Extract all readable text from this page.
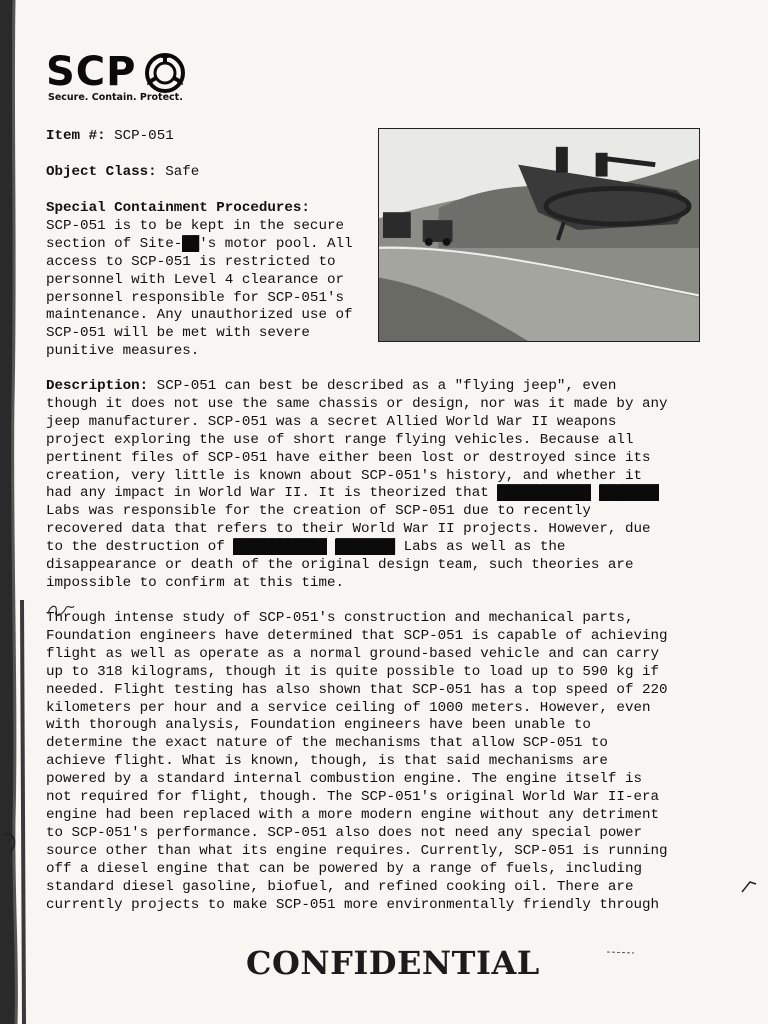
SCP
Secure. Contain. Protect.
Item #: SCP-051
Object Class: Safe
Special Containment Procedures:
SCP-051 is to be kept in the secure
section of Site-██'s motor pool. All
access to SCP-051 is restricted to
personnel with Level 4 clearance or
personnel responsible for SCP-051's
maintenance. Any unauthorized use of
SCP-051 will be met with severe
punitive measures.
Description: SCP-051 can best be described as a "flying jeep", even
though it does not use the same chassis or design, nor was it made by any
jeep manufacturer. SCP-051 was a secret Allied World War II weapons
project exploring the use of short range flying vehicles. Because all
pertinent files of SCP-051 have either been lost or destroyed since its
creation, very little is known about SCP-051's history, and whether it
had any impact in World War II. It is theorized that ███████████ ███████
Labs was responsible for the creation of SCP-051 due to recently
recovered data that refers to their World War II projects. However, due
to the destruction of ███████████ ███████ Labs as well as the
disappearance or death of the original design team, such theories are
impossible to confirm at this time.
Through intense study of SCP-051's construction and mechanical parts,
Foundation engineers have determined that SCP-051 is capable of achieving
flight as well as operate as a normal ground-based vehicle and can carry
up to 318 kilograms, though it is quite possible to load up to 590 kg if
needed. Flight testing has also shown that SCP-051 has a top speed of 220
kilometers per hour and a service ceiling of 1000 meters. However, even
with thorough analysis, Foundation engineers have been unable to
determine the exact nature of the mechanisms that allow SCP-051 to
achieve flight. What is known, though, is that said mechanisms are
powered by a standard internal combustion engine. The engine itself is
not required for flight, though. The SCP-051's original World War II-era
engine had been replaced with a more modern engine without any detriment
to SCP-051's performance. SCP-051 also does not need any special power
source other than what its engine requires. Currently, SCP-051 is running
off a diesel engine that can be powered by a range of fuels, including
standard diesel gasoline, biofuel, and refined cooking oil. There are
currently projects to make SCP-051 more environmentally friendly through
CONFIDENTIAL
